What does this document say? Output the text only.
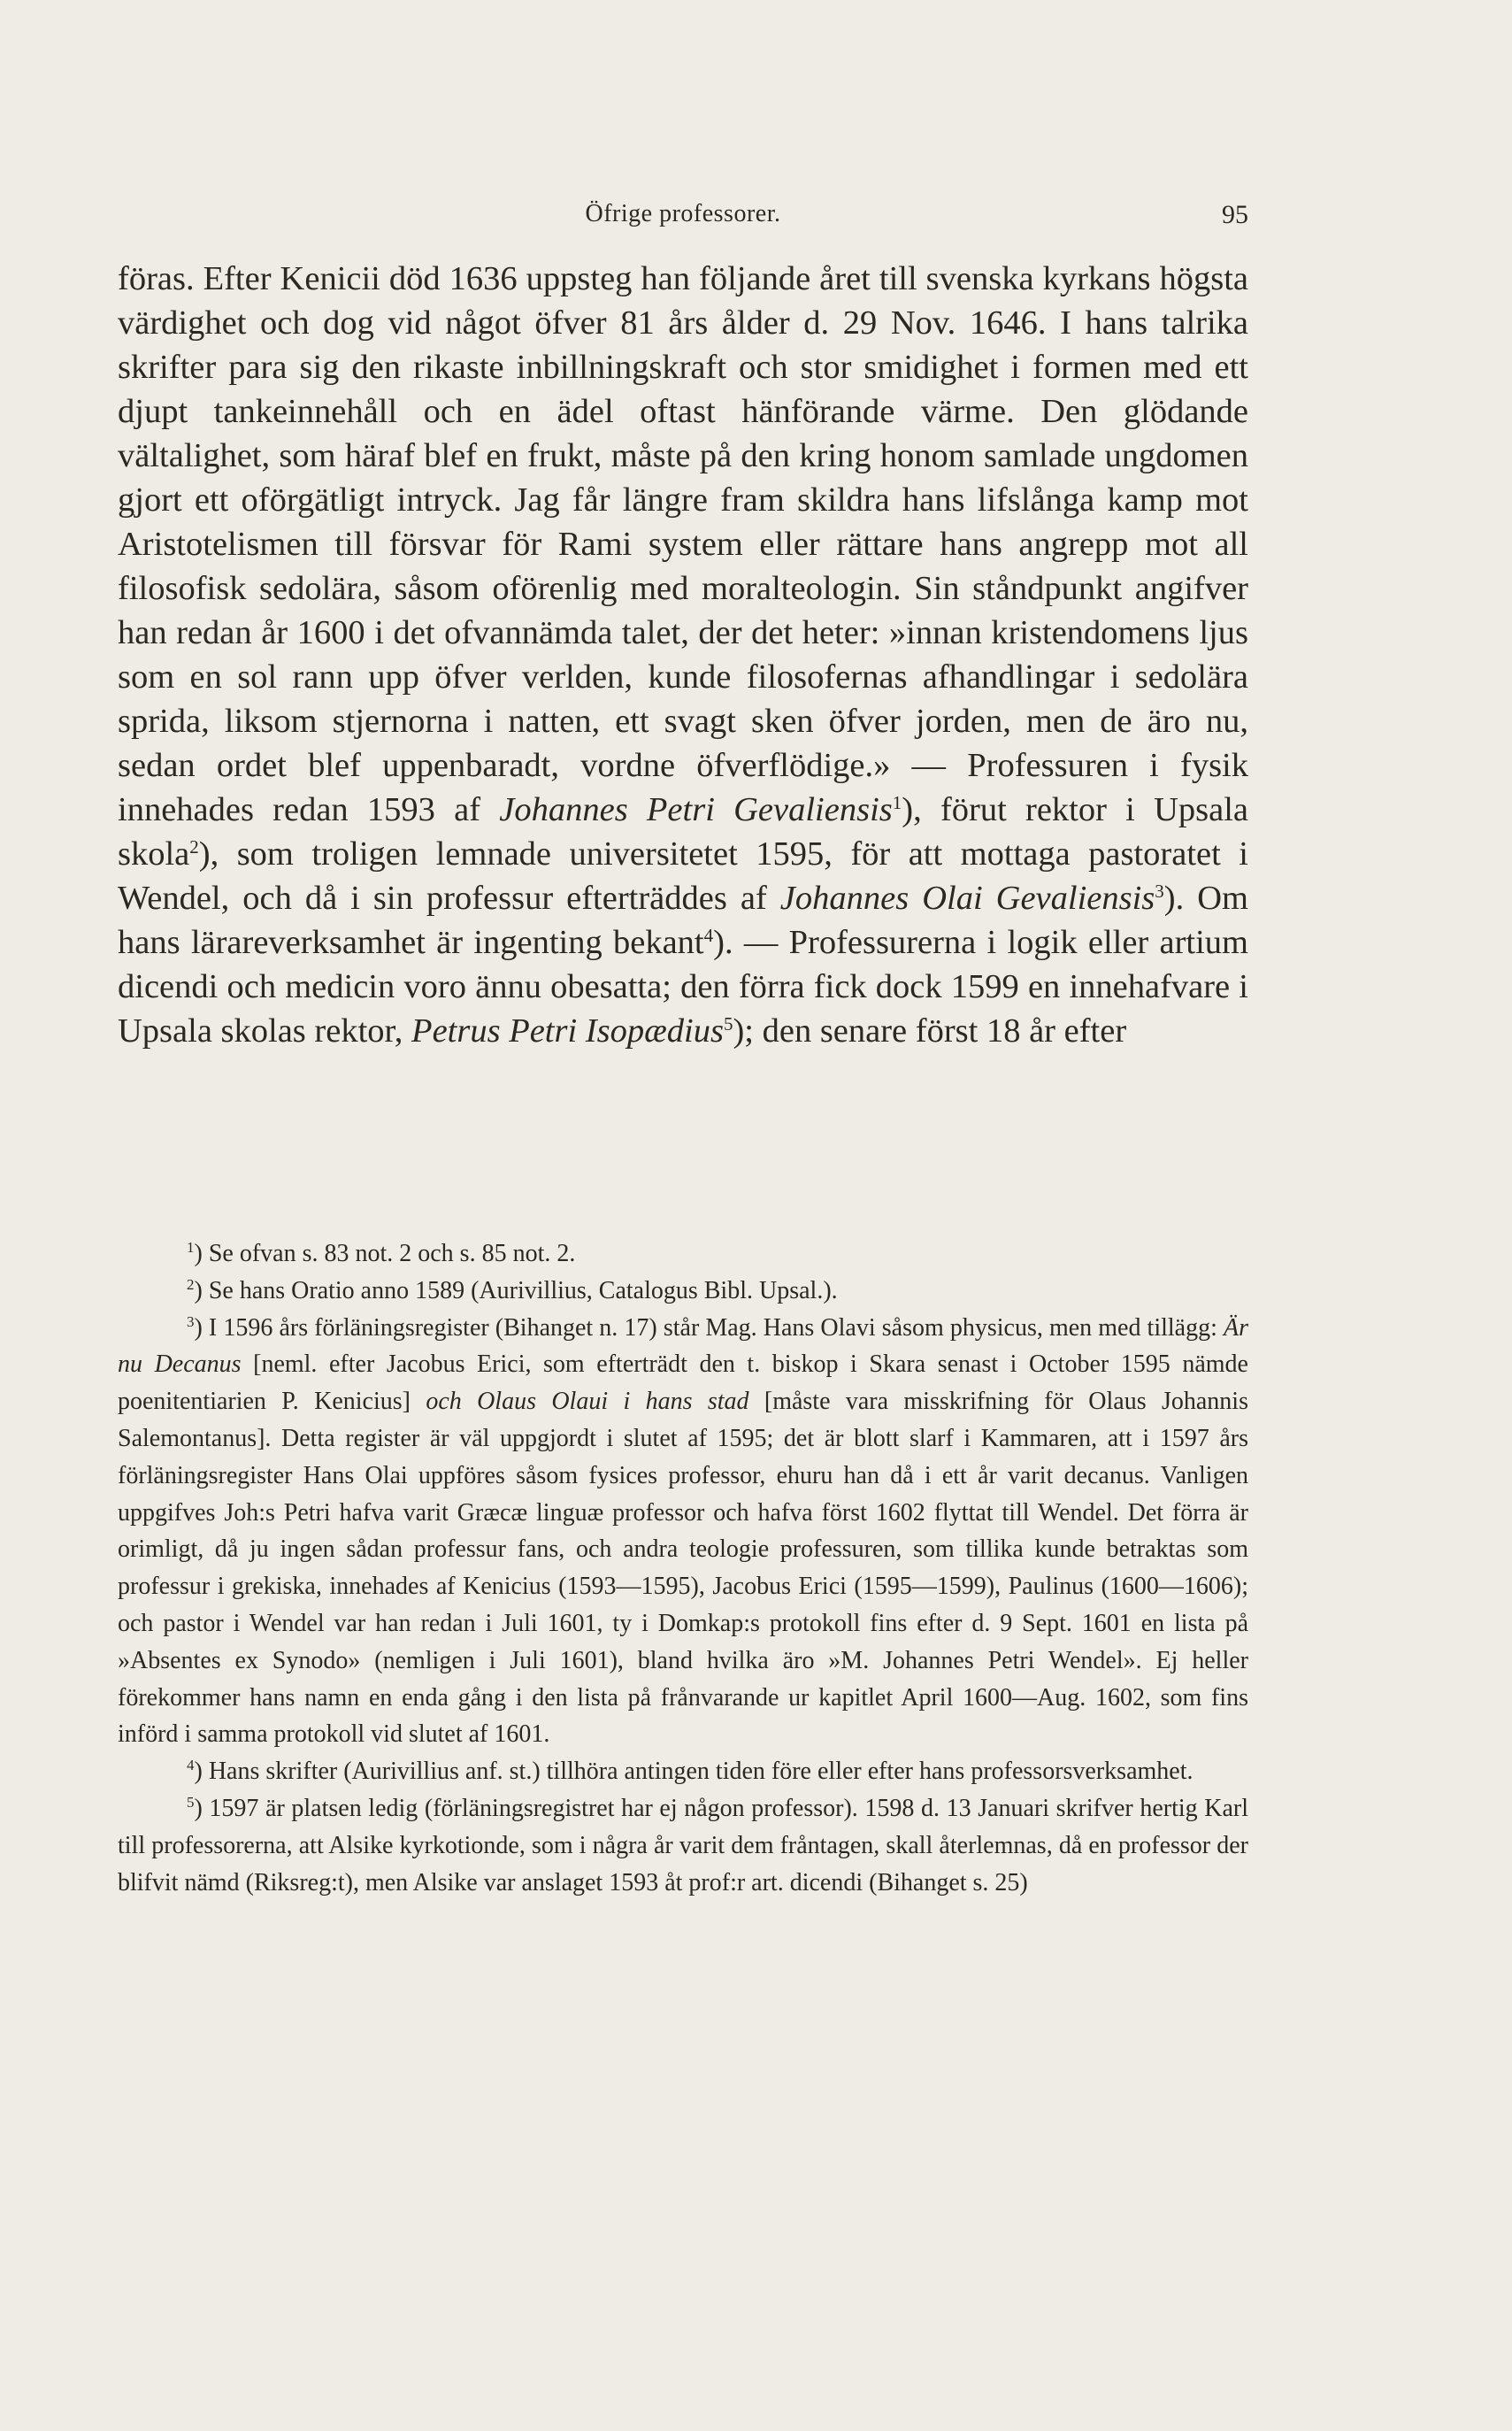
Öfrige professorer.	95

föras. Efter Kenicii död 1636 uppsteg han följande året till svenska kyrkans högsta värdighet och dog vid något öfver 81 års ålder d. 29 Nov. 1646. I hans talrika skrifter para sig den rikaste inbillningskraft och stor smidighet i formen med ett djupt tankeinnehåll och en ädel oftast hänförande värme. Den glödande vältalighet, som häraf blef en frukt, måste på den kring honom samlade ungdomen gjort ett oförgätligt intryck. Jag får längre fram skildra hans lifslånga kamp mot Aristotelismen till försvar för Rami system eller rättare hans angrepp mot all filosofisk sedolära, såsom oförenlig med moralteologin. Sin ståndpunkt angifver han redan år 1600 i det ofvannämda talet, der det heter: »innan kristendomens ljus som en sol rann upp öfver verlden, kunde filosofernas afhandlingar i sedolära sprida, liksom stjernorna i natten, ett svagt sken öfver jorden, men de äro nu, sedan ordet blef uppenbaradt, vordne öfverflödige.» — Professuren i fysik innehades redan 1593 af Johannes Petri Gevaliensis$^1$), förut rektor i Upsala skola$^2$), som troligen lemnade universitetet 1595, för att mottaga pastoratet i Wendel, och då i sin professur efterträddes af Johannes Olai Gevaliensis$^3$). Om hans lärareverksamhet är ingenting bekant$^4$). — Professurerna i logik eller artium dicendi och medicin voro ännu obesatta; den förra fick dock 1599 en innehafvare i Upsala skolas rektor, Petrus Petri Isopædius$^5$); den senare först 18 år efter

$^1$) Se ofvan s. 83 not. 2 och s. 85 not. 2.

$^2$) Se hans Oratio anno 1589 (Aurivillius, Catalogus Bibl. Upsal.).

$^3$) I 1596 års förläningsregister (Bihanget n. 17) står Mag. Hans Olavi såsom physicus, men med tillägg: Är nu Decanus [neml. efter Jacobus Erici, som efterträdt den t. biskop i Skara senast i October 1595 nämde poenitentiarien P. Kenicius] och Olaus Olaui i hans stad [måste vara misskrifning för Olaus Johannis Salemontanus]. Detta register är väl uppgjordt i slutet af 1595; det är blott slarf i Kammaren, att i 1597 års förläningsregister Hans Olai uppföres såsom fysices professor, ehuru han då i ett år varit decanus. Vanligen uppgifves Joh:s Petri hafva varit Græcæ linguæ professor och hafva först 1602 flyttat till Wendel. Det förra är orimligt, då ju ingen sådan professur fans, och andra teologie professuren, som tillika kunde betraktas som professur i grekiska, innehades af Kenicius (1593—1595), Jacobus Erici (1595—1599), Paulinus (1600—1606); och pastor i Wendel var han redan i Juli 1601, ty i Domkap:s protokoll fins efter d. 9 Sept. 1601 en lista på »Absentes ex Synodo» (nemligen i Juli 1601), bland hvilka äro »M. Johannes Petri Wendel». Ej heller förekommer hans namn en enda gång i den lista på frånvarande ur kapitlet April 1600—Aug. 1602, som fins införd i samma protokoll vid slutet af 1601.

$^4$) Hans skrifter (Aurivillius anf. st.) tillhöra antingen tiden före eller efter hans professorsverksamhet.

$^5$) 1597 är platsen ledig (förläningsregistret har ej någon professor). 1598 d. 13 Januari skrifver hertig Karl till professorerna, att Alsike kyrkotionde, som i några år varit dem fråntagen, skall återlemnas, då en professor der blifvit nämd (Riksreg:t), men Alsike var anslaget 1593 åt prof:r art. dicendi (Bihanget s. 25)
